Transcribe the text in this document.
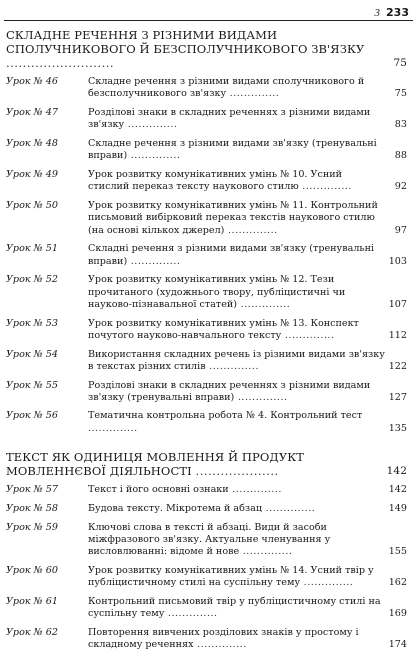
3 233
СКЛАДНЕ РЕЧЕННЯ З РІЗНИМИ ВИДАМИ СПОЛУЧНИКОВОГО Й БЕЗСПОЛУЧНИКОВОГО ЗВ'ЯЗКУ ..........................	75
Урок № 46	Складне речення з різними видами сполучникового й безсполучникового зв'язку ..............	75
Урок № 47	Розділові знаки в складних реченнях з різними видами зв'язку ..............	83
Урок № 48	Складне речення з різними видами зв'язку (тренувальні вправи) ..............	88
Урок № 49	Урок розвитку комунікативних умінь № 10. Усний стислий переказ тексту наукового стилю ..............	92
Урок № 50	Урок розвитку комунікативних умінь № 11. Контрольний письмовий вибірковий переказ текстів наукового стилю (на основі кількох джерел) ..............	97
Урок № 51	Складні речення з різними видами зв'язку (тренувальні вправи) ..............	103
Урок № 52	Урок розвитку комунікативних умінь № 12. Тези прочитаного (художнього твору, публіцистичні чи науково-пізнавальної статей) ..............	107
Урок № 53	Урок розвитку комунікативних умінь № 13. Конспект почутого науково-навчального тексту ..............	112
Урок № 54	Використання складних речень із різними видами зв'язку в текстах різних стилів ..............	122
Урок № 55	Розділові знаки в складних реченнях з різними видами зв'язку (тренувальні вправи) ..............	127
Урок № 56	Тематична контрольна робота № 4. Контрольний тест ..............	135
ТЕКСТ ЯК ОДИНИЦЯ МОВЛЕННЯ Й ПРОДУКТ МОВЛЕННЄВОЇ ДІЯЛЬНОСТІ ....................	142
Урок № 57	Текст і його основні ознаки ..............	142
Урок № 58	Будова тексту. Мікротема й абзац ..............	149
Урок № 59	Ключові слова в тексті й абзаці. Види й засоби міжфразового зв'язку. Актуальне членування у висловлюванні: відоме й нове ..............	155
Урок № 60	Урок розвитку комунікативних умінь № 14. Усний твір у публіцистичному стилі на суспільну тему ..............	162
Урок № 61	Контрольний письмовий твір у публіцистичному стилі на суспільну тему ..............	169
Урок № 62	Повторення вивчених розділових знаків у простому і складному реченнях ..............	174
